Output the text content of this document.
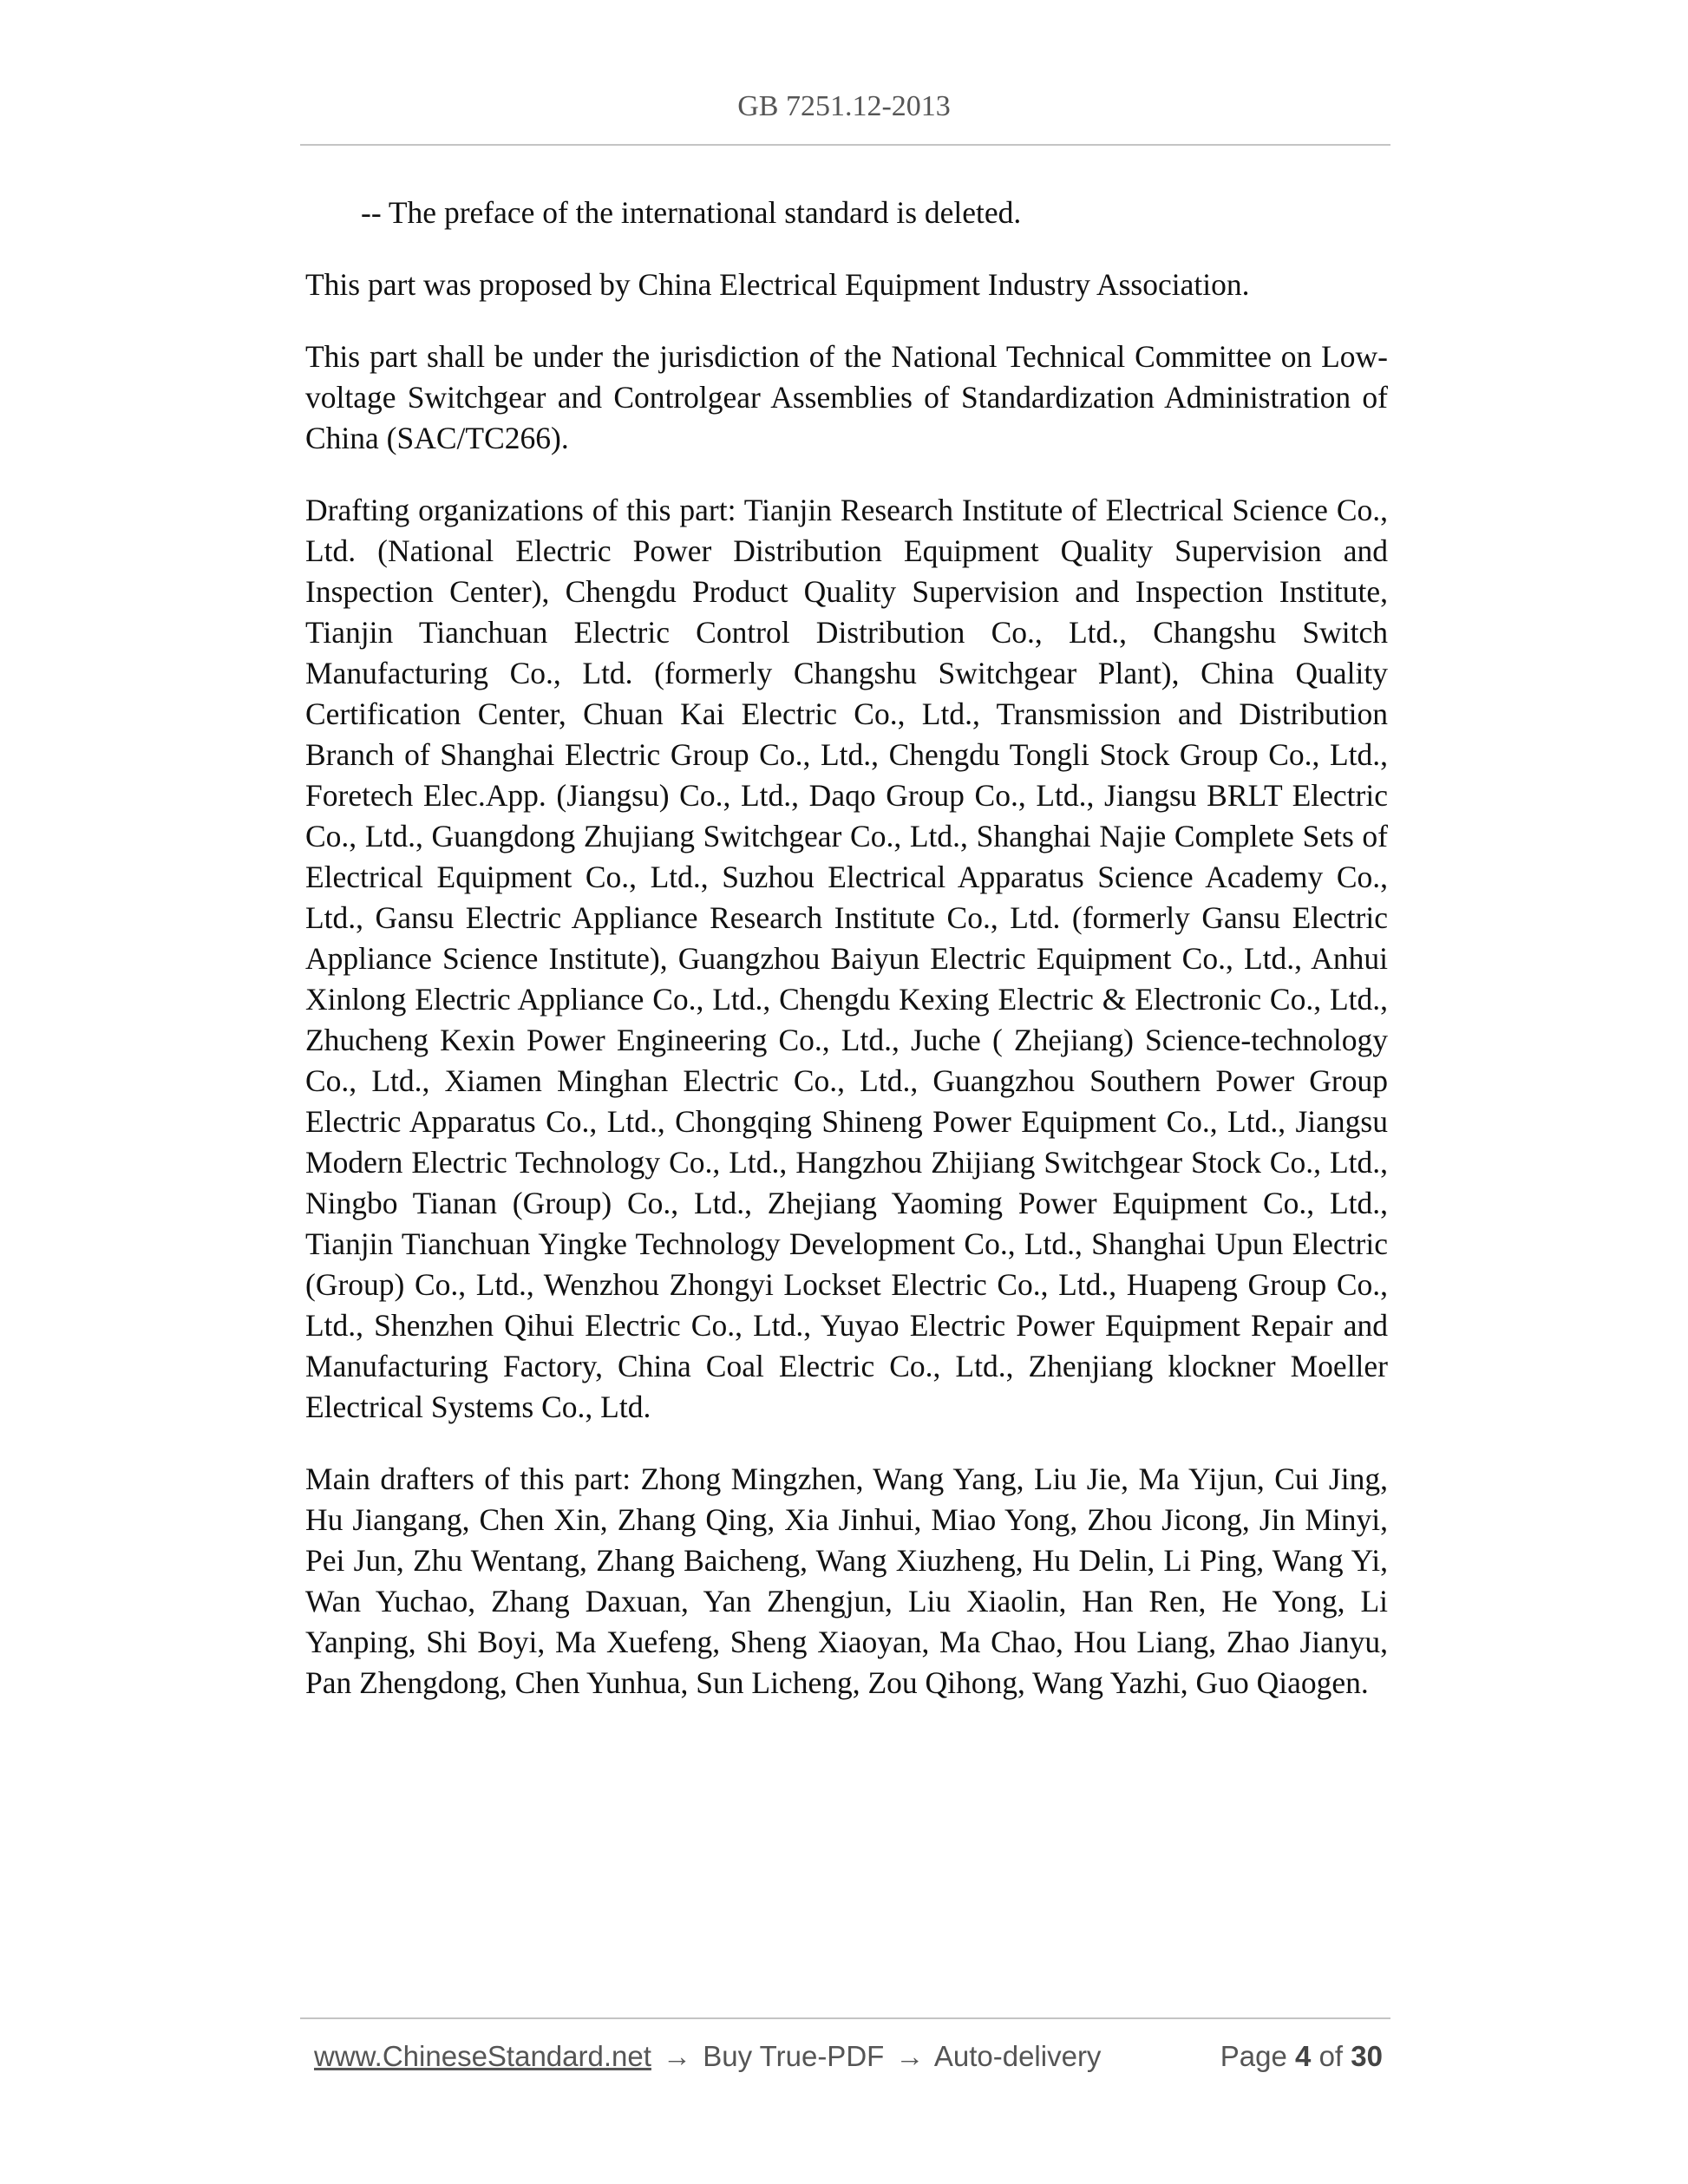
GB 7251.12-2013

-- The preface of the international standard is deleted.

This part was proposed by China Electrical Equipment Industry Association.

This part shall be under the jurisdiction of the National Technical Committee on Low-voltage Switchgear and Controlgear Assemblies of Standardization Administration of China (SAC/TC266).

Drafting organizations of this part: Tianjin Research Institute of Electrical Science Co., Ltd. (National Electric Power Distribution Equipment Quality Supervision and Inspection Center), Chengdu Product Quality Supervision and Inspection Institute, Tianjin Tianchuan Electric Control Distribution Co., Ltd., Changshu Switch Manufacturing Co., Ltd. (formerly Changshu Switchgear Plant), China Quality Certification Center, Chuan Kai Electric Co., Ltd., Transmission and Distribution Branch of Shanghai Electric Group Co., Ltd., Chengdu Tongli Stock Group Co., Ltd., Foretech Elec.App. (Jiangsu) Co., Ltd., Daqo Group Co., Ltd., Jiangsu BRLT Electric Co., Ltd., Guangdong Zhujiang Switchgear Co., Ltd., Shanghai Najie Complete Sets of Electrical Equipment Co., Ltd., Suzhou Electrical Apparatus Science Academy Co., Ltd., Gansu Electric Appliance Research Institute Co., Ltd. (formerly Gansu Electric Appliance Science Institute), Guangzhou Baiyun Electric Equipment Co., Ltd., Anhui Xinlong Electric Appliance Co., Ltd., Chengdu Kexing Electric & Electronic Co., Ltd., Zhucheng Kexin Power Engineering Co., Ltd., Juche ( Zhejiang) Science-technology Co., Ltd., Xiamen Minghan Electric Co., Ltd., Guangzhou Southern Power Group Electric Apparatus Co., Ltd., Chongqing Shineng Power Equipment Co., Ltd., Jiangsu Modern Electric Technology Co., Ltd., Hangzhou Zhijiang Switchgear Stock Co., Ltd., Ningbo Tianan (Group) Co., Ltd., Zhejiang Yaoming Power Equipment Co., Ltd., Tianjin Tianchuan Yingke Technology Development Co., Ltd., Shanghai Upun Electric (Group) Co., Ltd., Wenzhou Zhongyi Lockset Electric Co., Ltd., Huapeng Group Co., Ltd., Shenzhen Qihui Electric Co., Ltd., Yuyao Electric Power Equipment Repair and Manufacturing Factory, China Coal Electric Co., Ltd., Zhenjiang klockner Moeller Electrical Systems Co., Ltd.

Main drafters of this part: Zhong Mingzhen, Wang Yang, Liu Jie, Ma Yijun, Cui Jing, Hu Jiangang, Chen Xin, Zhang Qing, Xia Jinhui, Miao Yong, Zhou Jicong, Jin Minyi, Pei Jun, Zhu Wentang, Zhang Baicheng, Wang Xiuzheng, Hu Delin, Li Ping, Wang Yi, Wan Yuchao, Zhang Daxuan, Yan Zhengjun, Liu Xiaolin, Han Ren, He Yong, Li Yanping, Shi Boyi, Ma Xuefeng, Sheng Xiaoyan, Ma Chao, Hou Liang, Zhao Jianyu, Pan Zhengdong, Chen Yunhua, Sun Licheng, Zou Qihong, Wang Yazhi, Guo Qiaogen.

www.ChineseStandard.net → Buy True-PDF → Auto-delivery	Page 4 of 30
